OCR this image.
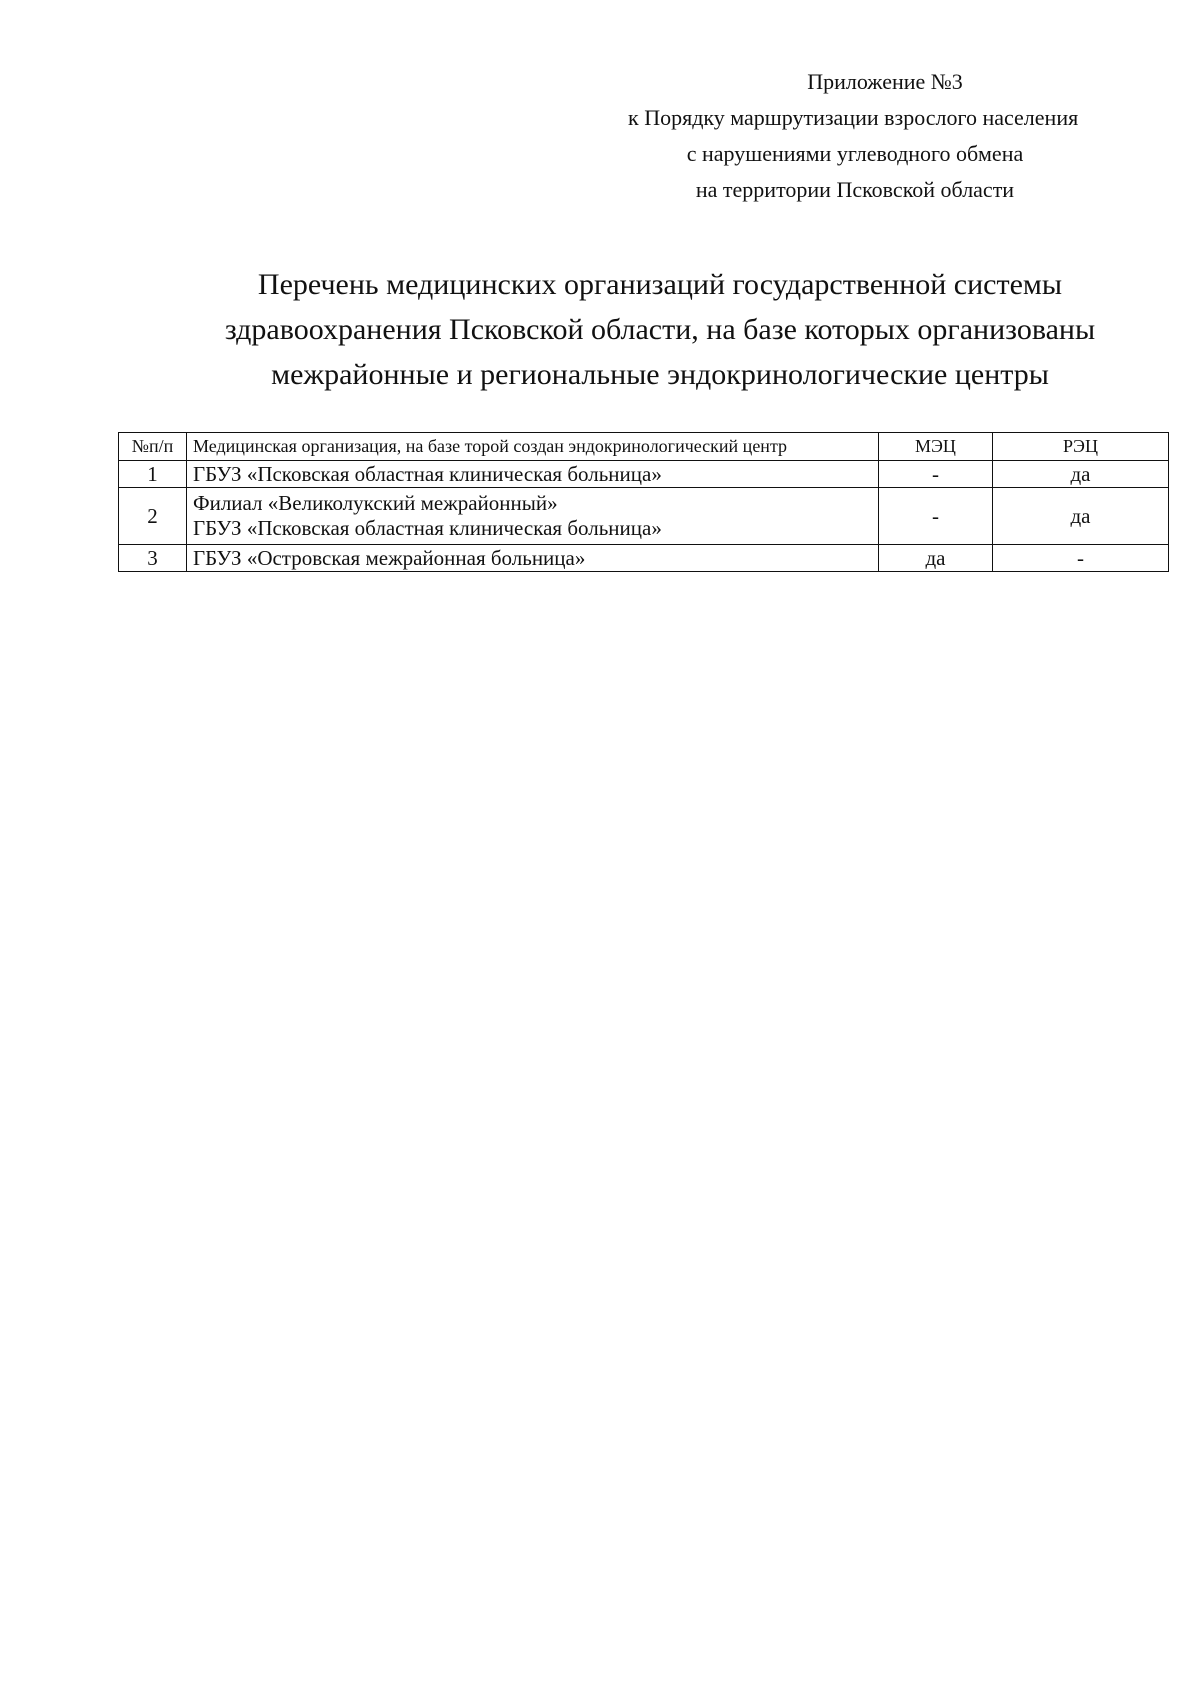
Приложение №3
к Порядку маршрутизации взрослого населения
с нарушениями углеводного обмена
на территории Псковской области
Перечень медицинских организаций государственной системы
здравоохранения Псковской области, на базе которых организованы
межрайонные и региональные эндокринологические центры
№п/п	Медицинская организация, на базе торой создан эндокринологический центр	МЭЦ	РЭЦ
1	ГБУЗ «Псковская областная клиническая больница»	-	да
2	Филиал «Великолукский межрайонный»
ГБУЗ «Псковская областная клиническая больница»	-	да
3	ГБУЗ «Островская межрайонная больница»	да	-
